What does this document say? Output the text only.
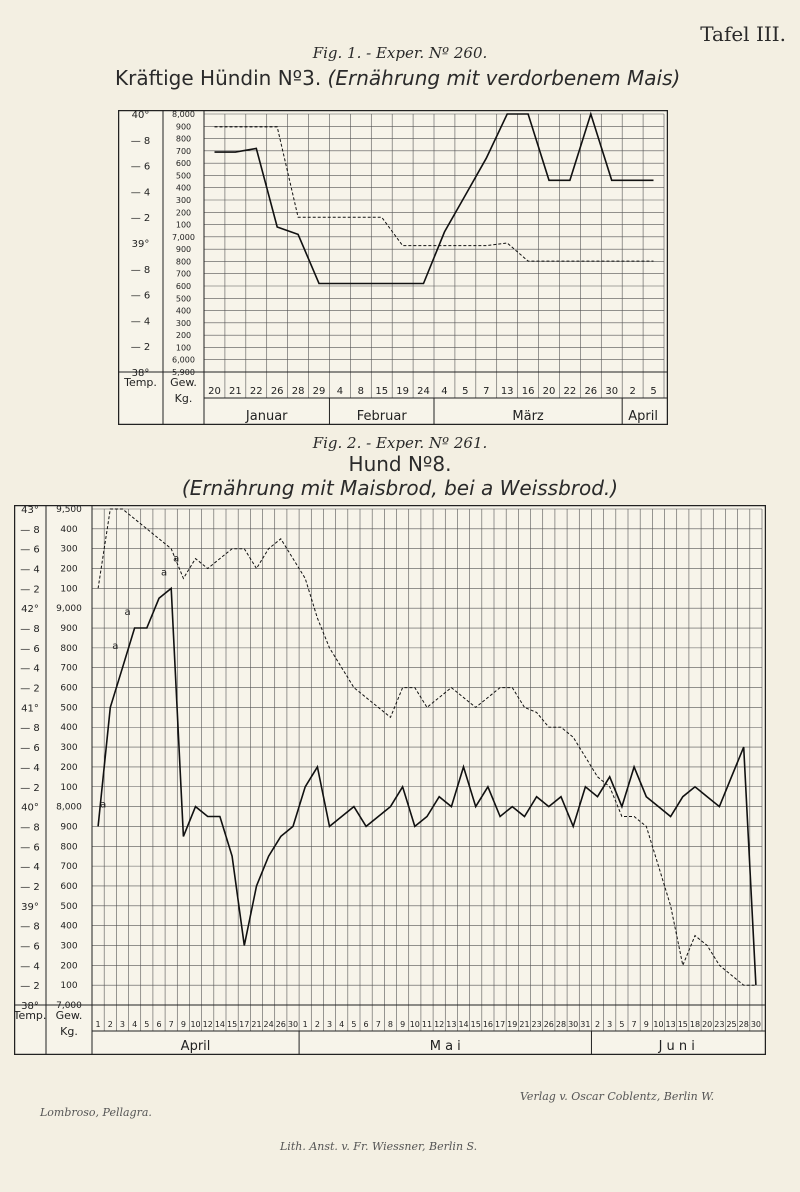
Tafel III.
Fig. 1. - Exper. Nº 260.
Kräftige Hündin Nº3. (Ernährung mit verdorbenem Mais)
40°
— 8
— 6
— 4
— 2
39°
— 8
— 6
— 4
— 2
38°
8,000
900
800
700
600
500
400
300
200
100
7,000
900
800
700
600
500
400
300
200
100
6,000
5,900
Temp. Gew.
Kg.
20 21 22 26 28 29 4 8 15 19 24 4 5 7 13 16 20 22 26 30 2 5
Januar	Februar	März	April
Fig. 2. - Exper. Nº 261.
Hund Nº8.
(Ernährung mit Maisbrod, bei a Weissbrod.)
43°
— 8
— 6
— 4
— 2
42°
— 8
— 6
— 4
— 2
41°
— 8
— 6
— 4
— 2
40°
— 8
— 6
— 4
— 2
39°
— 8
— 6
— 4
— 2
38°
9,500
400
300
200
100
9,000
900
800
700
600
500
400
300
200
100
8,000
900
800
700
600
500
400
300
200
100
7,000
Temp. Gew.
Kg.
1 2 3 4 5 6 7 9 10 12 14 15 17 21 24 26 30 1 2 3 4 5 6 7 8 9 10 11 12 13 14 15 16 17 19 21 23 26 28 30 31 2 3 5 7 9 10 13 15 18 20 23 25 28 30
April	M a i	J u n i
a
a
a
a
a
Lombroso, Pellagra.
Verlag v. Oscar Coblentz, Berlin W.
Lith. Anst. v. Fr. Wiessner, Berlin S.
